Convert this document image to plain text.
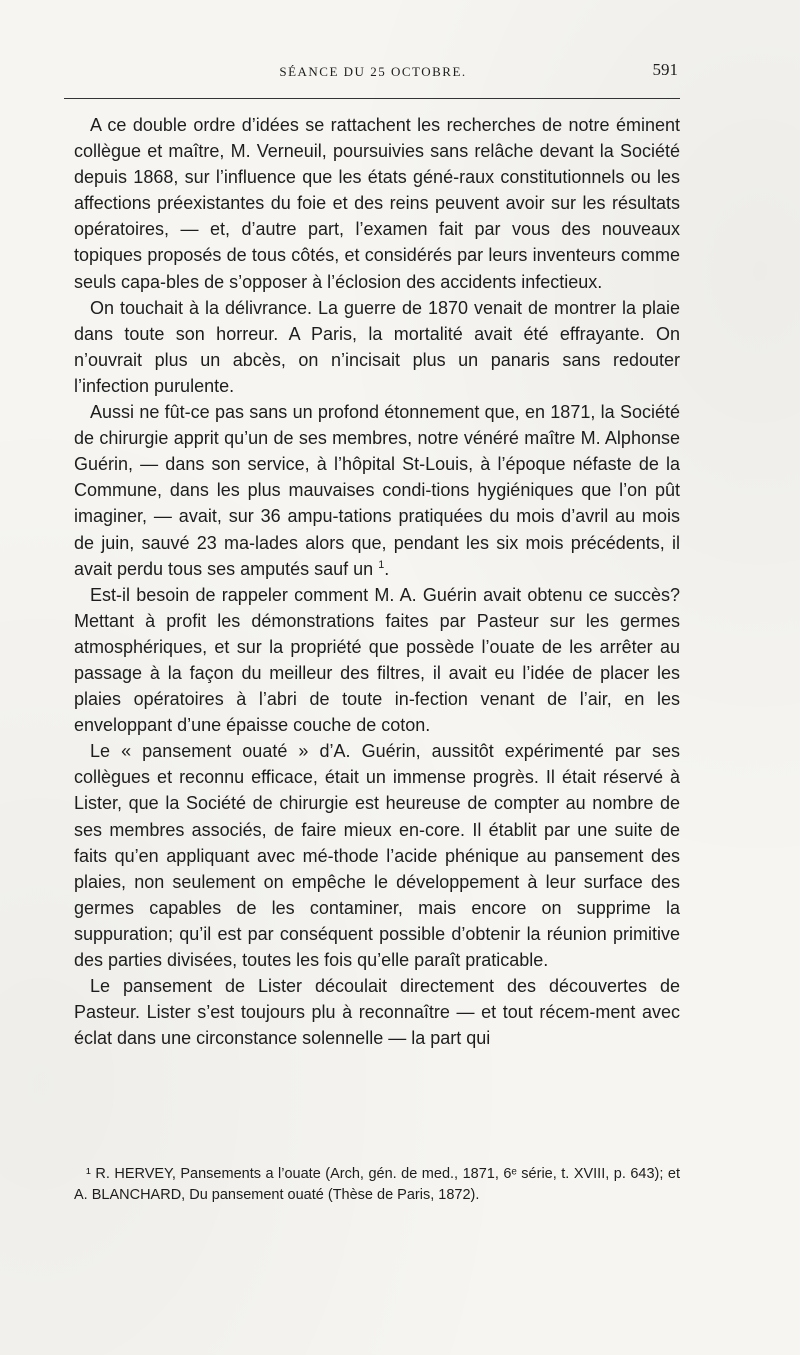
SÉANCE DU 25 OCTOBRE.	591

A ce double ordre d’idées se rattachent les recherches de notre éminent collègue et maître, M. Verneuil, poursuivies sans relâche devant la Société depuis 1868, sur l’influence que les états géné-raux constitutionnels ou les affections préexistantes du foie et des reins peuvent avoir sur les résultats opératoires, — et, d’autre part, l’examen fait par vous des nouveaux topiques proposés de tous côtés, et considérés par leurs inventeurs comme seuls capa-bles de s’opposer à l’éclosion des accidents infectieux.

On touchait à la délivrance. La guerre de 1870 venait de montrer la plaie dans toute son horreur. A Paris, la mortalité avait été effrayante. On n’ouvrait plus un abcès, on n’incisait plus un panaris sans redouter l’infection purulente.

Aussi ne fût-ce pas sans un profond étonnement que, en 1871, la Société de chirurgie apprit qu’un de ses membres, notre vénéré maître M. Alphonse Guérin, — dans son service, à l’hôpital St-Louis, à l’époque néfaste de la Commune, dans les plus mauvaises condi-tions hygiéniques que l’on pût imaginer, — avait, sur 36 ampu-tations pratiquées du mois d’avril au mois de juin, sauvé 23 ma-lades alors que, pendant les six mois précédents, il avait perdu tous ses amputés sauf un $^1$.

Est-il besoin de rappeler comment M. A. Guérin avait obtenu ce succès? Mettant à profit les démonstrations faites par Pasteur sur les germes atmosphériques, et sur la propriété que possède l’ouate de les arrêter au passage à la façon du meilleur des filtres, il avait eu l’idée de placer les plaies opératoires à l’abri de toute in-fection venant de l’air, en les enveloppant d’une épaisse couche de coton.

Le « pansement ouaté » d’A. Guérin, aussitôt expérimenté par ses collègues et reconnu efficace, était un immense progrès. Il était réservé à Lister, que la Société de chirurgie est heureuse de compter au nombre de ses membres associés, de faire mieux en-core. Il établit par une suite de faits qu’en appliquant avec mé-thode l’acide phénique au pansement des plaies, non seulement on empêche le développement à leur surface des germes capables de les contaminer, mais encore on supprime la suppuration; qu’il est par conséquent possible d’obtenir la réunion primitive des parties divisées, toutes les fois qu’elle paraît praticable.

Le pansement de Lister découlait directement des découvertes de Pasteur. Lister s’est toujours plu à reconnaître — et tout récem-ment avec éclat dans une circonstance solennelle — la part qui

¹ R. HERVEY, Pansements a l’ouate (Arch, gén. de med., 1871, 6ᵉ série, t. XVIII, p. 643); et A. BLANCHARD, Du pansement ouaté (Thèse de Paris, 1872).
